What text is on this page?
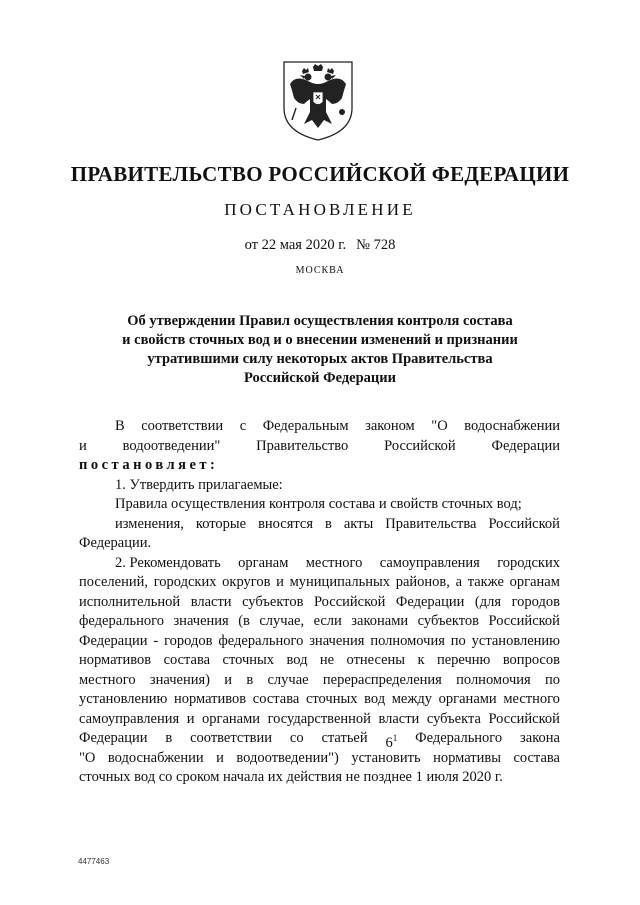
ПРАВИТЕЛЬСТВО РОССИЙСКОЙ ФЕДЕРАЦИИ
ПОСТАНОВЛЕНИЕ
от 22 мая 2020 г. № 728
МОСКВА
Об утверждении Правил осуществления контроля состава
и свойств сточных вод и о внесении изменений и признании
утратившими силу некоторых актов Правительства
Российской Федерации
В соответствии с Федеральным законом "О водоснабжении
и водоотведении" Правительство Российской Федерации
постановляет:
1. Утвердить прилагаемые:
Правила осуществления контроля состава и свойств сточных вод;
изменения, которые вносятся в акты Правительства Российской
Федерации.
2. Рекомендовать органам местного самоуправления городских
поселений, городских округов и муниципальных районов, а также органам
исполнительной власти субъектов Российской Федерации (для городов
федерального значения (в случае, если законами субъектов Российской
Федерации - городов федерального значения полномочия по установлению
нормативов состава сточных вод не отнесены к перечню вопросов
местного значения) и в случае перераспределения полномочия по
установлению нормативов состава сточных вод между органами местного
самоуправления и органами государственной власти субъекта Российской
Федерации в соответствии со статьей $6^1$ Федерального закона
"О водоснабжении и водоотведении") установить нормативы состава
сточных вод со сроком начала их действия не позднее 1 июля 2020 г.
4477463
